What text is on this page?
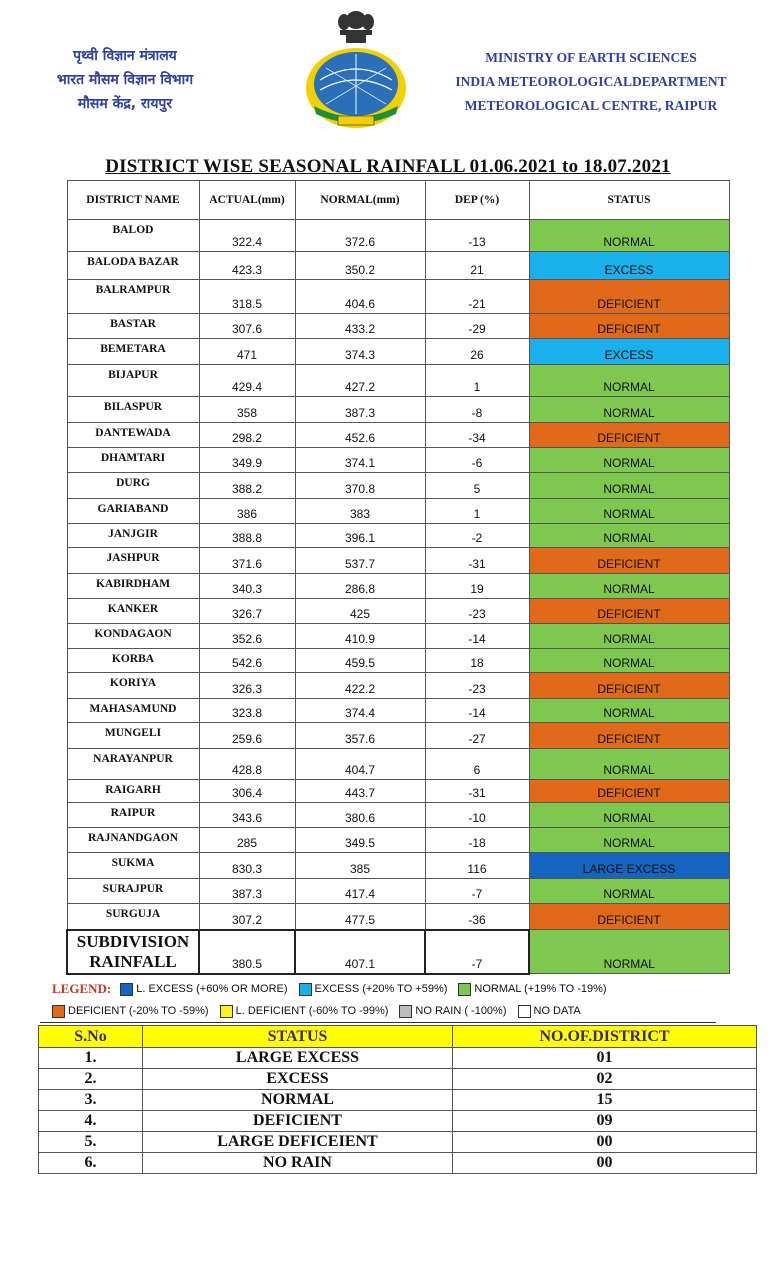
पृथ्वी विज्ञान मंत्रालय
भारत मौसम विज्ञान विभाग
मौसम केंद्र, रायपुर
MINISTRY OF EARTH SCIENCES
INDIA METEOROLOGICALDEPARTMENT
METEOROLOGICAL CENTRE, RAIPUR
DISTRICT WISE SEASONAL RAINFALL 01.06.2021 to 18.07.2021
DISTRICT NAME	ACTUAL(mm)	NORMAL(mm)	DEP (%)	STATUS
BALOD	322.4	372.6	-13	NORMAL
BALODA BAZAR	423.3	350.2	21	EXCESS
BALRAMPUR	318.5	404.6	-21	DEFICIENT
BASTAR	307.6	433.2	-29	DEFICIENT
BEMETARA	471	374.3	26	EXCESS
BIJAPUR	429.4	427.2	1	NORMAL
BILASPUR	358	387.3	-8	NORMAL
DANTEWADA	298.2	452.6	-34	DEFICIENT
DHAMTARI	349.9	374.1	-6	NORMAL
DURG	388.2	370.8	5	NORMAL
GARIABAND	386	383	1	NORMAL
JANJGIR	388.8	396.1	-2	NORMAL
JASHPUR	371.6	537.7	-31	DEFICIENT
KABIRDHAM	340.3	286.8	19	NORMAL
KANKER	326.7	425	-23	DEFICIENT
KONDAGAON	352.6	410.9	-14	NORMAL
KORBA	542.6	459.5	18	NORMAL
KORIYA	326.3	422.2	-23	DEFICIENT
MAHASAMUND	323.8	374.4	-14	NORMAL
MUNGELI	259.6	357.6	-27	DEFICIENT
NARAYANPUR	428.8	404.7	6	NORMAL
RAIGARH	306.4	443.7	-31	DEFICIENT
RAIPUR	343.6	380.6	-10	NORMAL
RAJNANDGAON	285	349.5	-18	NORMAL
SUKMA	830.3	385	116	LARGE EXCESS
SURAJPUR	387.3	417.4	-7	NORMAL
SURGUJA	307.2	477.5	-36	DEFICIENT

SUBDIVISION
RAINFALL	380.5	407.1	-7	NORMAL
LEGEND: L. EXCESS (+60% OR MORE) EXCESS (+20% TO +59%) NORMAL (+19% TO -19%)
DEFICIENT (-20% TO -59%) L. DEFICIENT (-60% TO -99%) NO RAIN ( -100%) NO DATA
S.No	STATUS	NO.OF.DISTRICT
1.	LARGE EXCESS	01
2.	EXCESS	02
3.	NORMAL	15
4.	DEFICIENT	09
5.	LARGE DEFICEIENT	00
6.	NO RAIN	00
